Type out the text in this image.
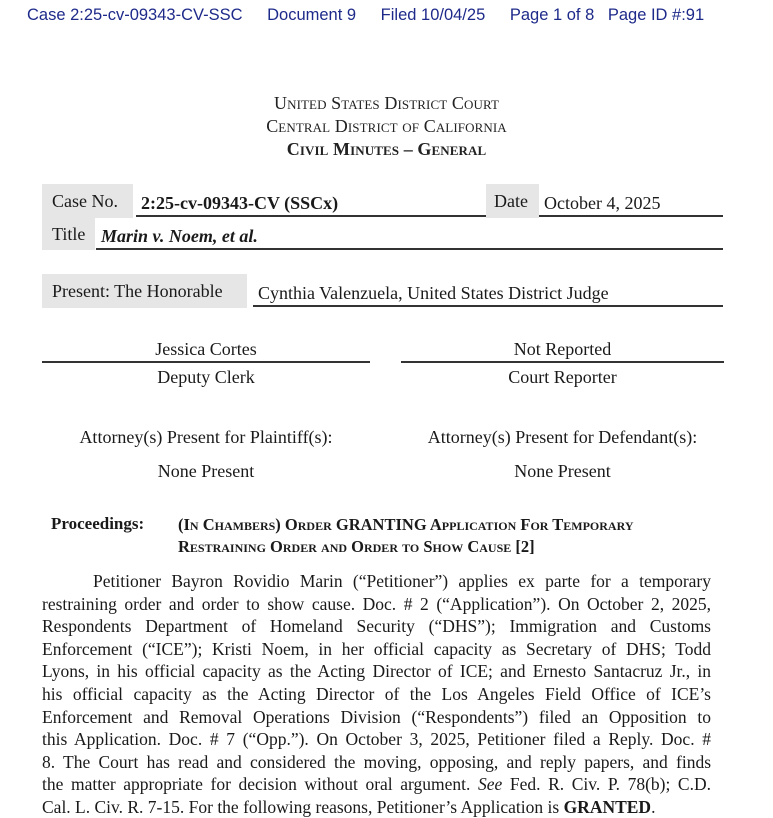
Case 2:25-cv-09343-CV-SSC Document 9 Filed 10/04/25 Page 1 of 8 Page ID #:91
United States District Court
Central District of California
Civil Minutes – General
Case No.
Title
2:25-cv-09343-CV (SSCx)	Date October 4, 2025
Marin v. Noem, et al.
Present: The Honorable	Cynthia Valenzuela, United States District Judge
Jessica Cortes
Deputy Clerk
Not Reported
Court Reporter
Attorney(s) Present for Plaintiff(s):
None Present
Attorney(s) Present for Defendant(s):
None Present
Proceedings: (In Chambers) Order GRANTING Application For Temporary
Restraining Order and Order to Show Cause [2]
Petitioner Bayron Rovidio Marin (“Petitioner”) applies ex parte for a temporary
restraining order and order to show cause. Doc. # 2 (“Application”). On October 2, 2025,
Respondents Department of Homeland Security (“DHS”); Immigration and Customs
Enforcement (“ICE”); Kristi Noem, in her official capacity as Secretary of DHS; Todd
Lyons, in his official capacity as the Acting Director of ICE; and Ernesto Santacruz Jr., in
his official capacity as the Acting Director of the Los Angeles Field Office of ICE’s
Enforcement and Removal Operations Division (“Respondents”) filed an Opposition to
this Application. Doc. # 7 (“Opp.”). On October 3, 2025, Petitioner filed a Reply. Doc. #
8. The Court has read and considered the moving, opposing, and reply papers, and finds
the matter appropriate for decision without oral argument. See Fed. R. Civ. P. 78(b); C.D.
Cal. L. Civ. R. 7-15. For the following reasons, Petitioner’s Application is GRANTED.
